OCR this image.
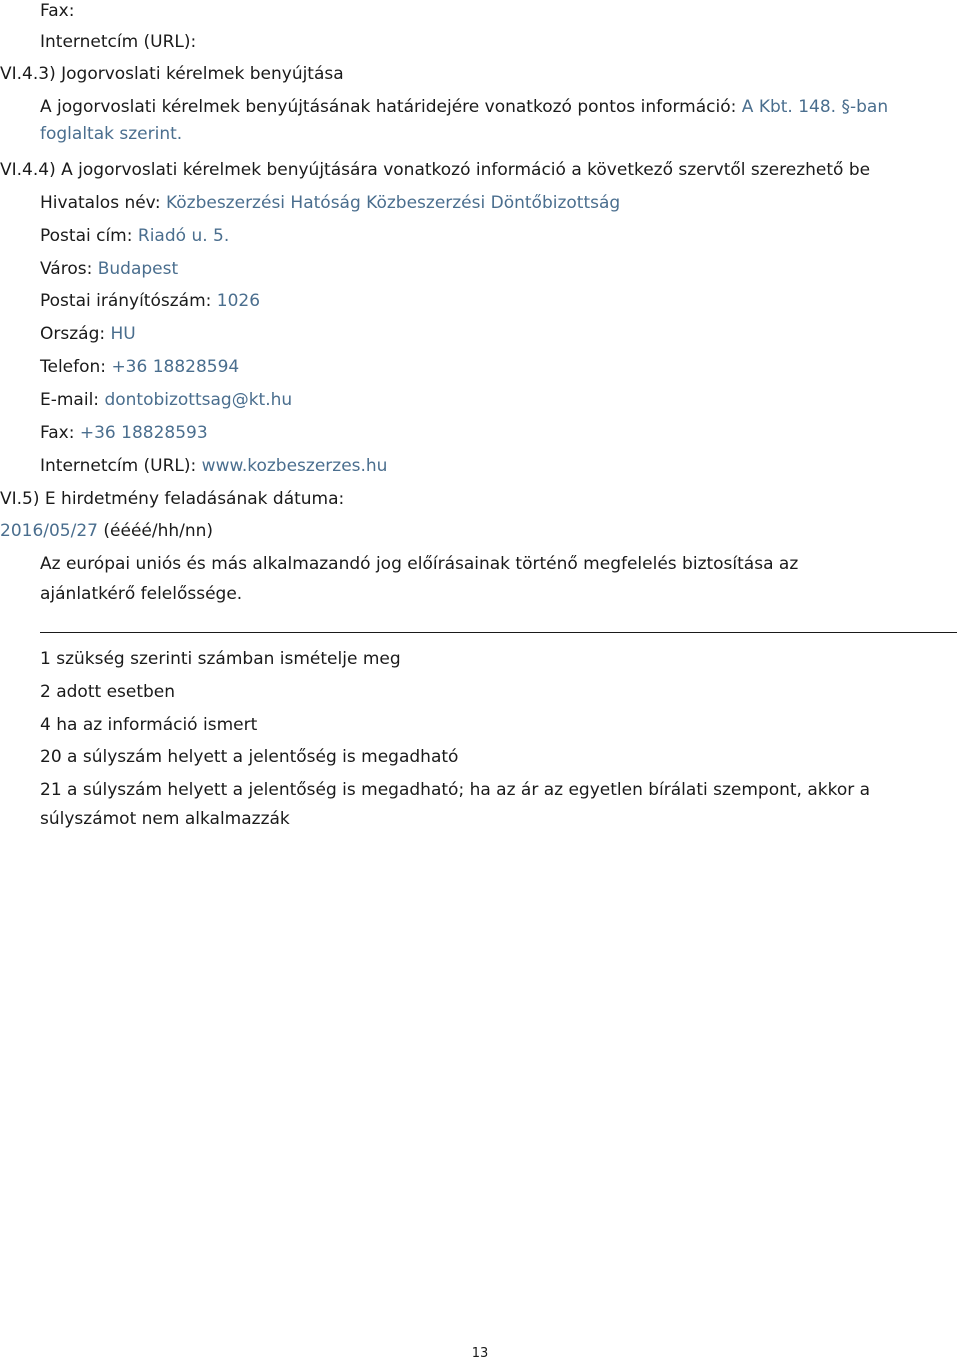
Fax:
Internetcím (URL):
VI.4.3) Jogorvoslati kérelmek benyújtása
A jogorvoslati kérelmek benyújtásának határidejére vonatkozó pontos információ: A Kbt. 148. §-ban
foglaltak szerint.
VI.4.4) A jogorvoslati kérelmek benyújtására vonatkozó információ a következő szervtől szerezhető be
Hivatalos név: Közbeszerzési Hatóság Közbeszerzési Döntőbizottság
Postai cím: Riadó u. 5.
Város: Budapest
Postai irányítószám: 1026
Ország: HU
Telefon: +36 18828594
E-mail: dontobizottsag@kt.hu
Fax: +36 18828593
Internetcím (URL): www.kozbeszerzes.hu
VI.5) E hirdetmény feladásának dátuma:
2016/05/27 (éééé/hh/nn)
Az európai uniós és más alkalmazandó jog előírásainak történő megfelelés biztosítása az
ajánlatkérő felelőssége.
1 szükség szerinti számban ismételje meg
2 adott esetben
4 ha az információ ismert
20 a súlyszám helyett a jelentőség is megadható
21 a súlyszám helyett a jelentőség is megadható; ha az ár az egyetlen bírálati szempont, akkor a
súlyszámot nem alkalmazzák
13
